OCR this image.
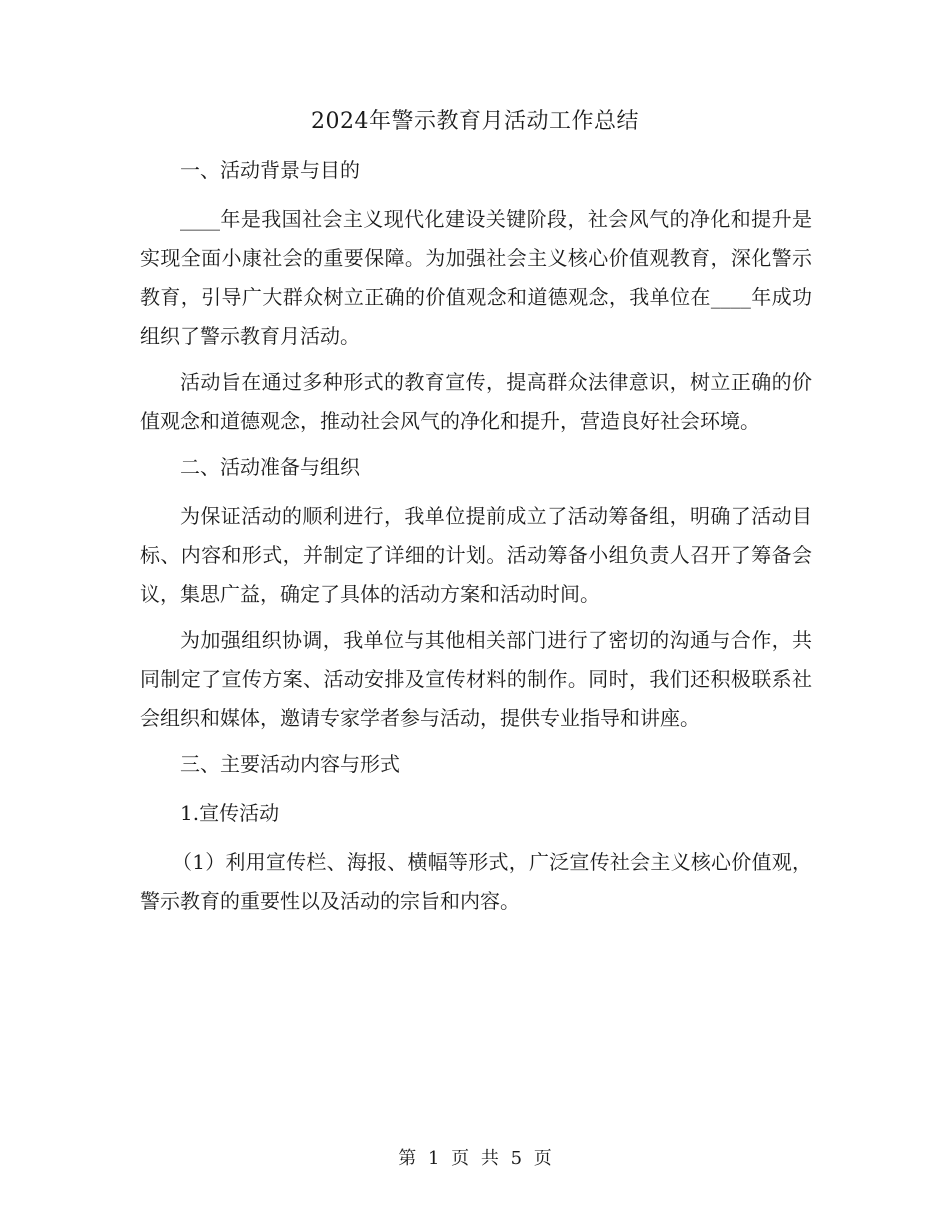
2024年警示教育月活动工作总结

一、活动背景与目的

____年是我国社会主义现代化建设关键阶段，社会风气的净化和提升是实现全面小康社会的重要保障。为加强社会主义核心价值观教育，深化警示教育，引导广大群众树立正确的价值观念和道德观念，我单位在____年成功组织了警示教育月活动。

活动旨在通过多种形式的教育宣传，提高群众法律意识，树立正确的价值观念和道德观念，推动社会风气的净化和提升，营造良好社会环境。

二、活动准备与组织

为保证活动的顺利进行，我单位提前成立了活动筹备组，明确了活动目标、内容和形式，并制定了详细的计划。活动筹备小组负责人召开了筹备会议，集思广益，确定了具体的活动方案和活动时间。

为加强组织协调，我单位与其他相关部门进行了密切的沟通与合作，共同制定了宣传方案、活动安排及宣传材料的制作。同时，我们还积极联系社会组织和媒体，邀请专家学者参与活动，提供专业指导和讲座。

三、主要活动内容与形式

1.宣传活动

（1）利用宣传栏、海报、横幅等形式，广泛宣传社会主义核心价值观，警示教育的重要性以及活动的宗旨和内容。

第 1 页 共 5 页
